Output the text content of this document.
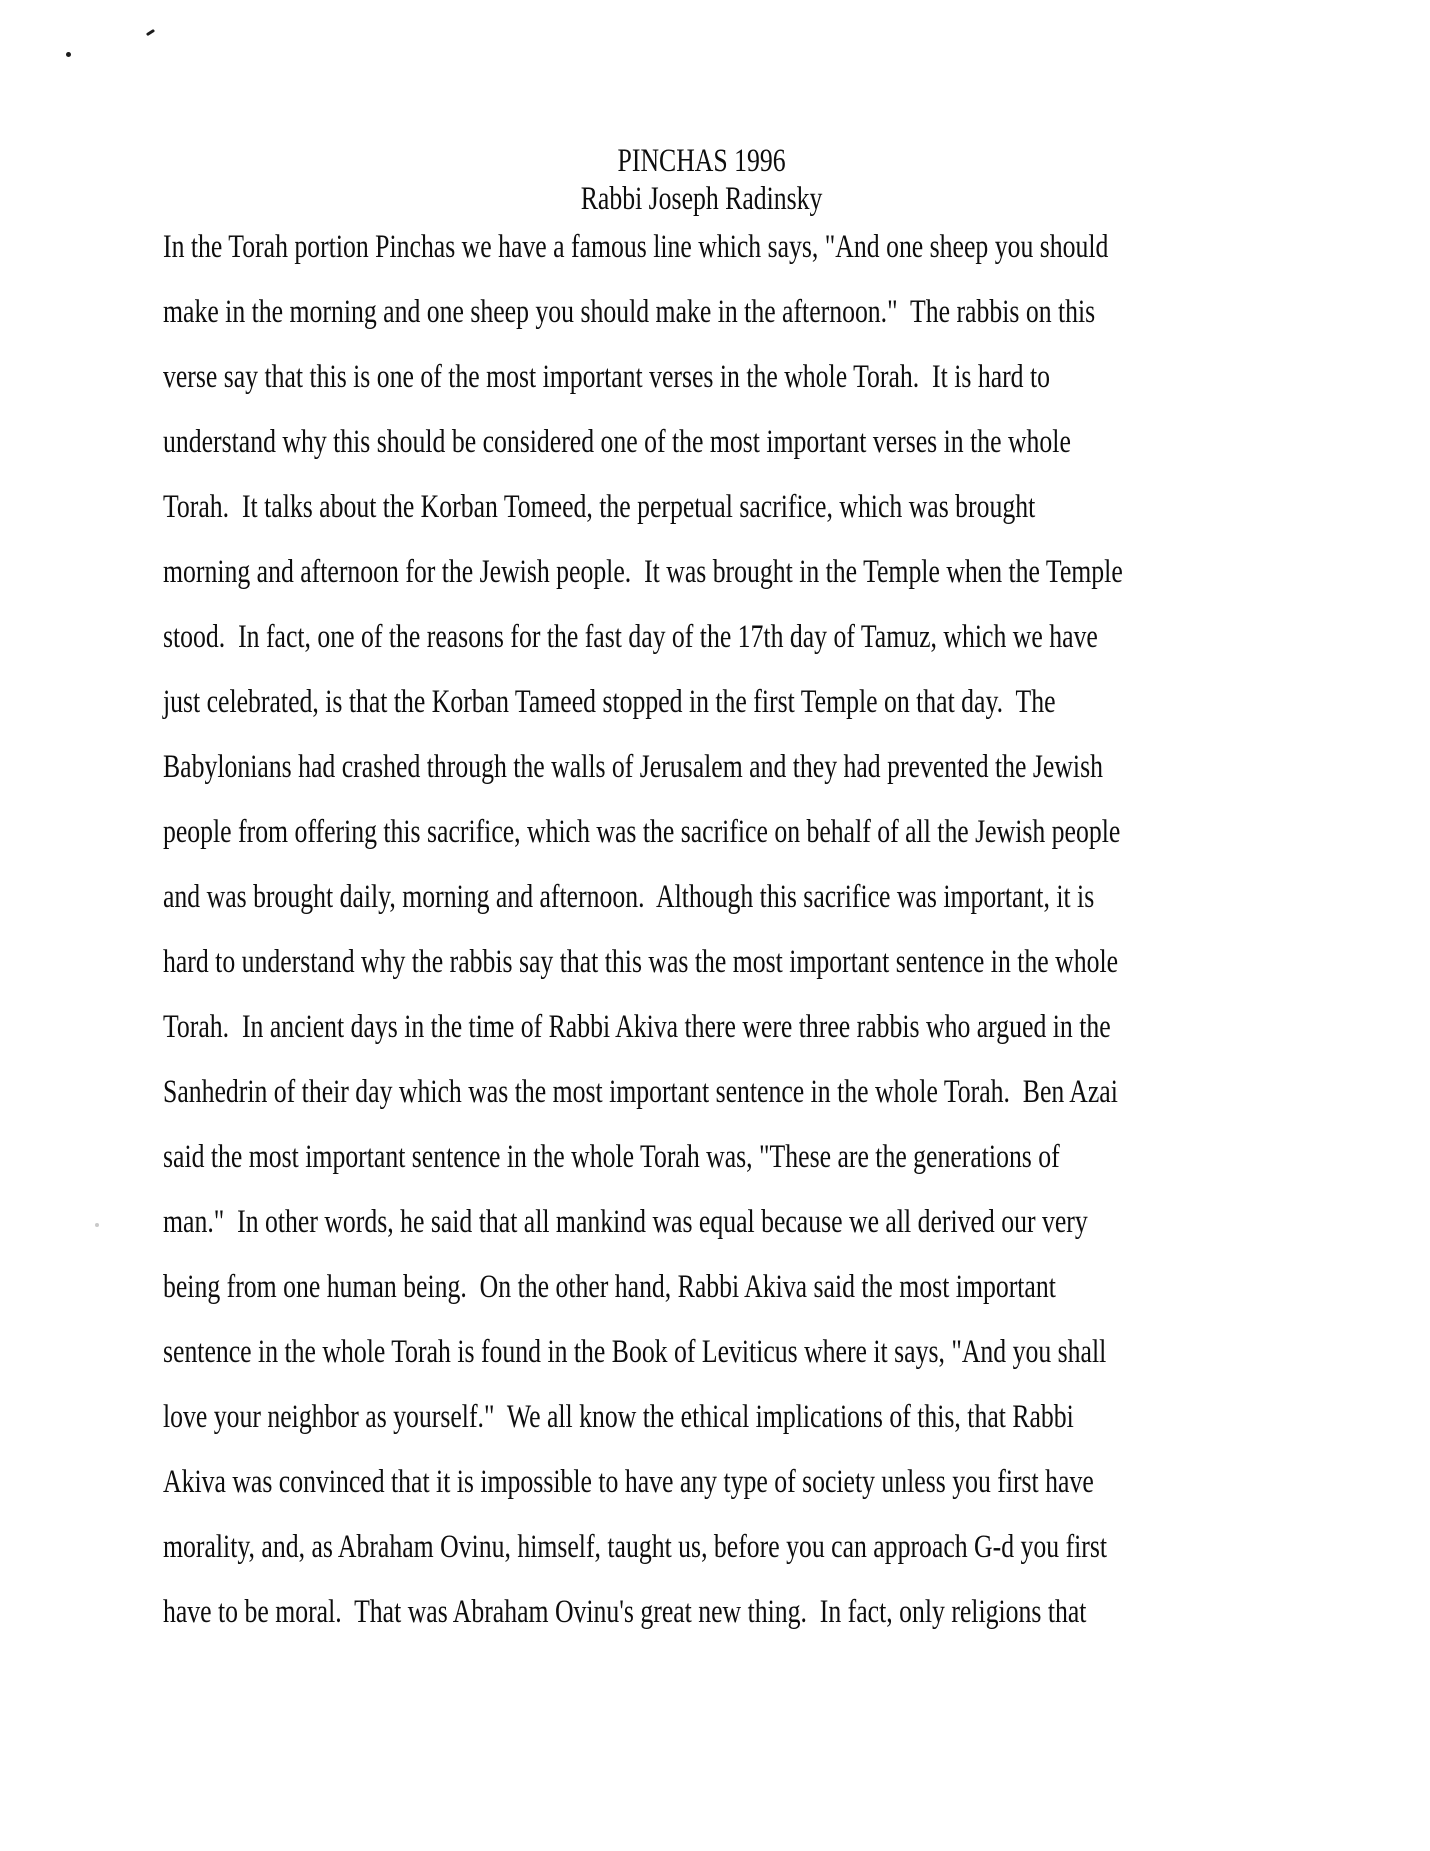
PINCHAS 1996
Rabbi Joseph Radinsky
In the Torah portion Pinchas we have a famous line which says, "And one sheep you should
make in the morning and one sheep you should make in the afternoon."  The rabbis on this
verse say that this is one of the most important verses in the whole Torah.  It is hard to
understand why this should be considered one of the most important verses in the whole
Torah.  It talks about the Korban Tomeed, the perpetual sacrifice, which was brought
morning and afternoon for the Jewish people.  It was brought in the Temple when the Temple
stood.  In fact, one of the reasons for the fast day of the 17th day of Tamuz, which we have
just celebrated, is that the Korban Tameed stopped in the first Temple on that day.  The
Babylonians had crashed through the walls of Jerusalem and they had prevented the Jewish
people from offering this sacrifice, which was the sacrifice on behalf of all the Jewish people
and was brought daily, morning and afternoon.  Although this sacrifice was important, it is
hard to understand why the rabbis say that this was the most important sentence in the whole
Torah.  In ancient days in the time of Rabbi Akiva there were three rabbis who argued in the
Sanhedrin of their day which was the most important sentence in the whole Torah.  Ben Azai
said the most important sentence in the whole Torah was, "These are the generations of
man."  In other words, he said that all mankind was equal because we all derived our very
being from one human being.  On the other hand, Rabbi Akiva said the most important
sentence in the whole Torah is found in the Book of Leviticus where it says, "And you shall
love your neighbor as yourself."  We all know the ethical implications of this, that Rabbi
Akiva was convinced that it is impossible to have any type of society unless you first have
morality, and, as Abraham Ovinu, himself, taught us, before you can approach G-d you first
have to be moral.  That was Abraham Ovinu's great new thing.  In fact, only religions that
